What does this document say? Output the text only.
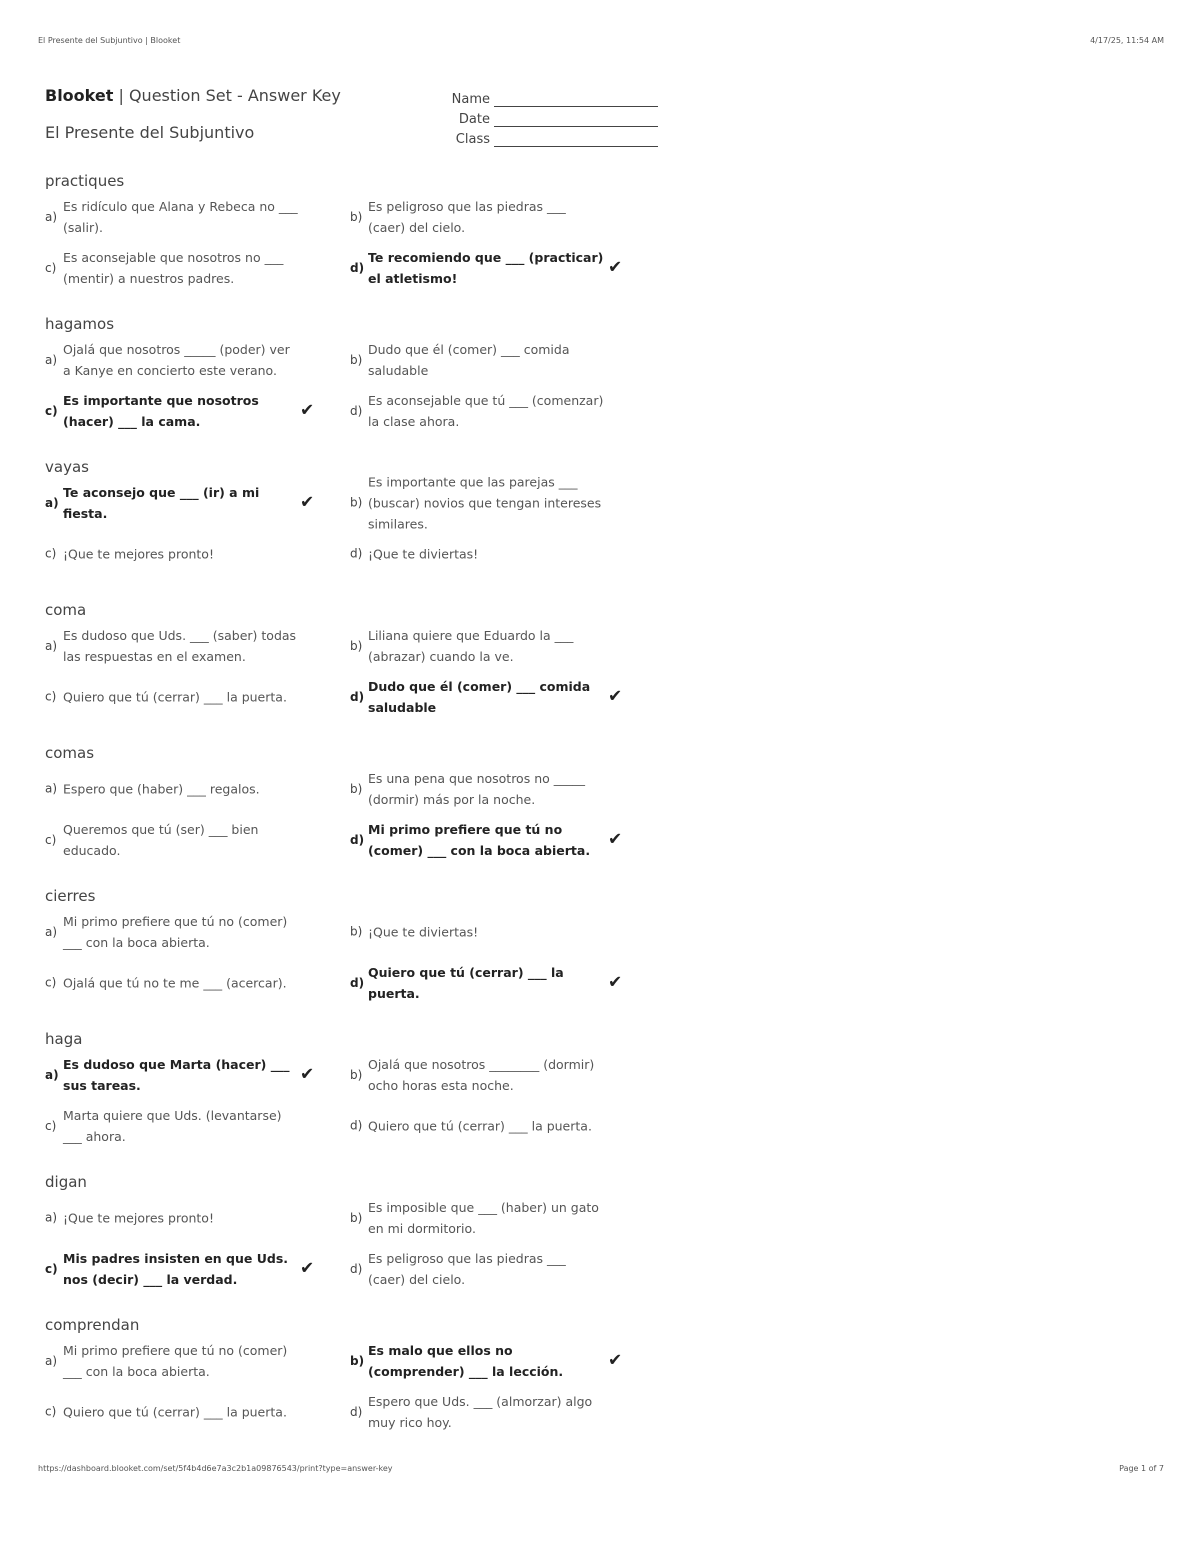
El Presente del Subjuntivo | Blooket	4/17/25, 11:54 AM
Blooket | Question Set - Answer Key
El Presente del Subjuntivo
Name
Date
Class
practiques
a)
Es ridículo que Alana y Rebeca no ___ (salir).
b)
Es peligroso que las piedras ___ (caer) del cielo.
c)
Es aconsejable que nosotros no ___ (mentir) a nuestros padres.
d)
Te recomiendo que ___ (practicar) el atletismo!
✔
hagamos
a)
Ojalá que nosotros _____ (poder) ver a Kanye en concierto este verano.
b)
Dudo que él (comer) ___ comida saludable
c)
Es importante que nosotros (hacer) ___ la cama.
✔	d)
Es aconsejable que tú ___ (comenzar) la clase ahora.
vayas
a)
Te aconsejo que ___ (ir) a mi fiesta.
✔	b)
Es importante que las parejas ___ (buscar) novios que tengan intereses similares.
c) ¡Que te mejores pronto!	d) ¡Que te diviertas!
coma
a)
Es dudoso que Uds. ___ (saber) todas las respuestas en el examen.
b)
Liliana quiere que Eduardo la ___ (abrazar) cuando la ve.
c) Quiero que tú (cerrar) ___ la puerta.	d)
Dudo que él (comer) ___ comida saludable
✔
comas
a) Espero que (haber) ___ regalos.	b)
Es una pena que nosotros no _____ (dormir) más por la noche.
c)
Queremos que tú (ser) ___ bien educado.
d)
Mi primo prefiere que tú no (comer) ___ con la boca abierta.
✔
cierres
a)
Mi primo prefiere que tú no (comer) ___ con la boca abierta.
b) ¡Que te diviertas!
c) Ojalá que tú no te me ___ (acercar).	d)
Quiero que tú (cerrar) ___ la puerta.
✔
haga
a)
Es dudoso que Marta (hacer) ___ sus tareas.
✔	b)
Ojalá que nosotros ________ (dormir) ocho horas esta noche.
c)
Marta quiere que Uds. (levantarse) ___ ahora.
d) Quiero que tú (cerrar) ___ la puerta.
digan
a) ¡Que te mejores pronto!	b)
Es imposible que ___ (haber) un gato en mi dormitorio.
c)
Mis padres insisten en que Uds. nos (decir) ___ la verdad.
✔	d)
Es peligroso que las piedras ___ (caer) del cielo.
comprendan
a)
Mi primo prefiere que tú no (comer) ___ con la boca abierta.
b)
Es malo que ellos no (comprender) ___ la lección.
✔
c) Quiero que tú (cerrar) ___ la puerta.	d)
Espero que Uds. ___ (almorzar) algo muy rico hoy.
https://dashboard.blooket.com/set/5f4b4d6e7a3c2b1a09876543/print?type=answer-key	Page 1 of 7
